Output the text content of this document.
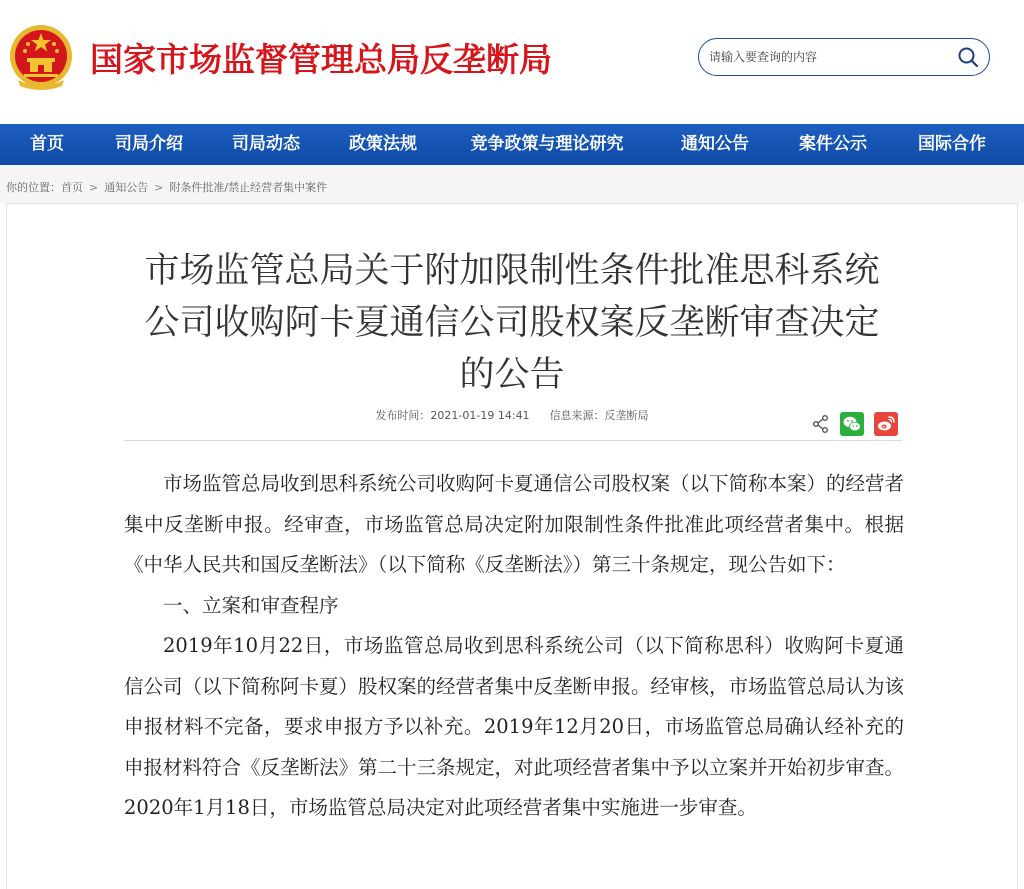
国家市场监督管理总局反垄断局
请输入要查询的内容
首页	司局介绍	司局动态	政策法规	竞争政策与理论研究	通知公告	案件公示	国际合作
你的位置：首页 > 通知公告 > 附条件批准/禁止经营者集中案件
市场监管总局关于附加限制性条件批准思科系统公司收购阿卡夏通信公司股权案反垄断审查决定的公告
发布时间：2021-01-19 14:41 信息来源：反垄断局

市场监管总局收到思科系统公司收购阿卡夏通信公司股权案（以下简称本案）的经营者集中反垄断申报。经审查，市场监管总局决定附加限制性条件批准此项经营者集中。根据《中华人民共和国反垄断法》（以下简称《反垄断法》）第三十条规定，现公告如下：

一、立案和审查程序

2019年10月22日，市场监管总局收到思科系统公司（以下简称思科）收购阿卡夏通信公司（以下简称阿卡夏）股权案的经营者集中反垄断申报。经审核，市场监管总局认为该申报材料不完备，要求申报方予以补充。2019年12月20日，市场监管总局确认经补充的申报材料符合《反垄断法》第二十三条规定，对此项经营者集中予以立案并开始初步审查。2020年1月18日，市场监管总局决定对此项经营者集中实施进一步审查。
